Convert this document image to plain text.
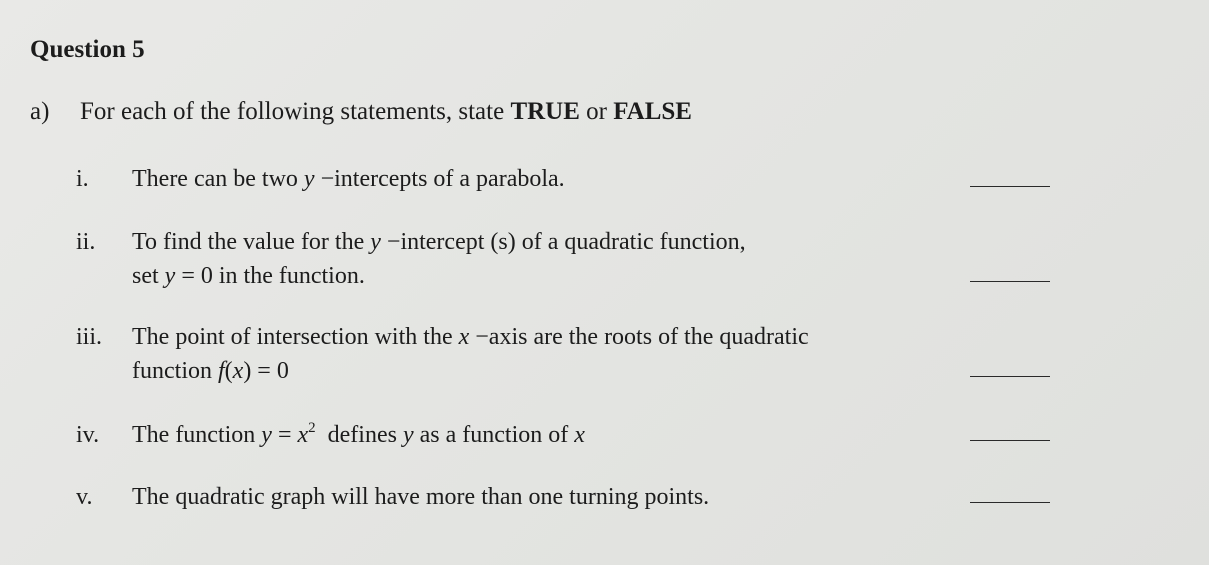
Question 5
a) For each of the following statements, state TRUE or FALSE
i.	There can be two y −intercepts of a parabola.
ii.	To find the value for the y −intercept (s) of a quadratic function,
set y = 0 in the function.
iii.	The point of intersection with the x −axis are the roots of the quadratic
function f(x) = 0
iv.	The function $y = x^2$  defines y as a function of x
v.	The quadratic graph will have more than one turning points.
